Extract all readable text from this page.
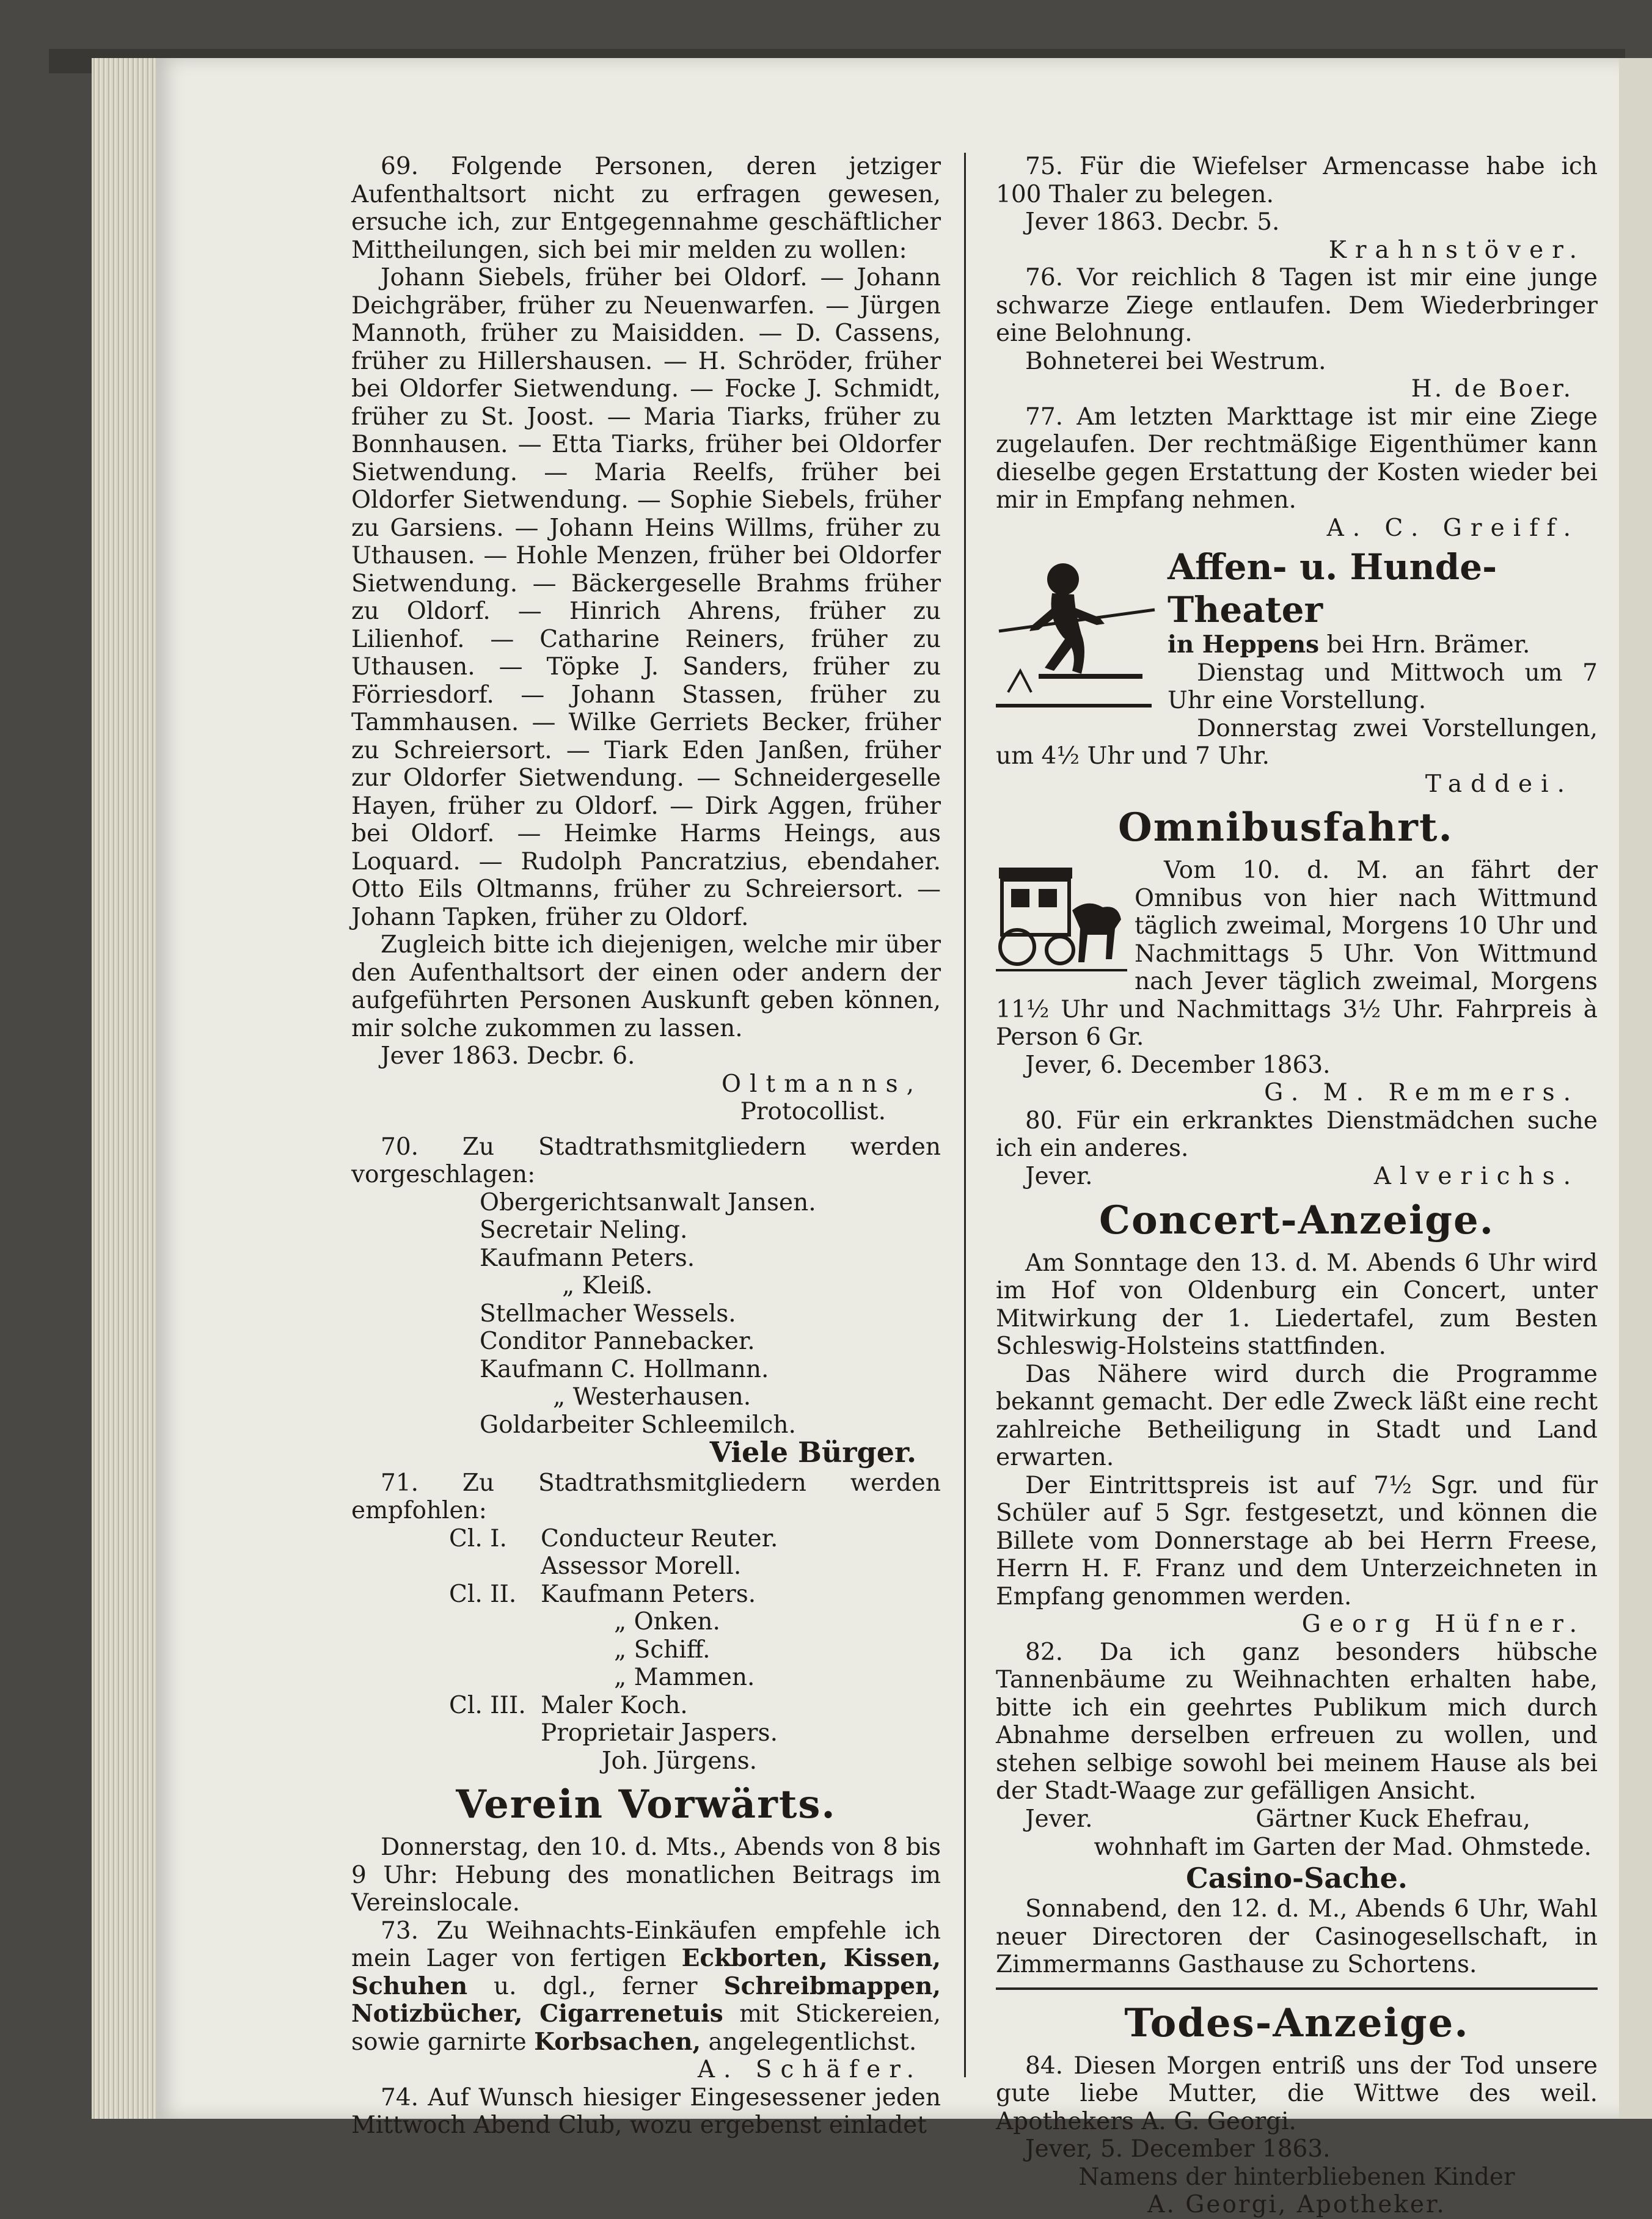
69. Folgende Personen, deren jetziger Aufenthaltsort nicht zu erfragen gewesen, ersuche ich, zur Entgegennahme geschäftlicher Mittheilungen, sich bei mir melden zu wollen:

Johann Siebels, früher bei Oldorf. — Johann Deichgräber, früher zu Neuenwarfen. — Jürgen Mannoth, früher zu Maisidden. — D. Cassens, früher zu Hillershausen. — H. Schröder, früher bei Oldorfer Sietwendung. — Focke J. Schmidt, früher zu St. Joost. — Maria Tiarks, früher zu Bonnhausen. — Etta Tiarks, früher bei Oldorfer Sietwendung. — Maria Reelfs, früher bei Oldorfer Sietwendung. — Sophie Siebels, früher zu Garsiens. — Johann Heins Willms, früher zu Uthausen. — Hohle Menzen, früher bei Oldorfer Sietwendung. — Bäckergeselle Brahms früher zu Oldorf. — Hinrich Ahrens, früher zu Lilienhof. — Catharine Reiners, früher zu Uthausen. — Töpke J. Sanders, früher zu Förriesdorf. — Johann Stassen, früher zu Tammhausen. — Wilke Gerriets Becker, früher zu Schreiersort. — Tiark Eden Janßen, früher zur Oldorfer Sietwendung. — Schneidergeselle Hayen, früher zu Oldorf. — Dirk Aggen, früher bei Oldorf. — Heimke Harms Heings, aus Loquard. — Rudolph Pancratzius, ebendaher. Otto Eils Oltmanns, früher zu Schreiersort. — Johann Tapken, früher zu Oldorf.

Zugleich bitte ich diejenigen, welche mir über den Aufenthaltsort der einen oder andern der aufgeführten Personen Auskunft geben können, mir solche zukommen zu lassen.

Jever 1863. Decbr. 6.

Oltmanns,

Protocollist.

70. Zu Stadtrathsmitgliedern werden vorgeschlagen:

Obergerichtsanwalt Jansen.

Secretair Neling.

Kaufmann Peters.

„ Kleiß.

Stellmacher Wessels.

Conditor Pannebacker.

Kaufmann C. Hollmann.

„ Westerhausen.

Goldarbeiter Schleemilch.

Viele Bürger.

71. Zu Stadtrathsmitgliedern werden empfohlen:

Cl. I. Conducteur Reuter.

Assessor Morell.

Cl. II. Kaufmann Peters.

„ Onken.

„ Schiff.

„ Mammen.

Cl. III. Maler Koch.

Proprietair Jaspers.

Joh. Jürgens.

Verein Vorwärts.

Donnerstag, den 10. d. Mts., Abends von 8 bis 9 Uhr: Hebung des monatlichen Beitrags im Vereinslocale.

73. Zu Weihnachts-Einkäufen empfehle ich mein Lager von fertigen Eckborten, Kissen, Schuhen u. dgl., ferner Schreibmappen, Notizbücher, Cigarrenetuis mit Stickereien, sowie garnirte Korbsachen, angelegentlichst.

A. Schäfer.

74. Auf Wunsch hiesiger Eingesessener jeden Mittwoch Abend Club, wozu ergebenst einladet

75. Für die Wiefelser Armencasse habe ich 100 Thaler zu belegen.

Jever 1863. Decbr. 5.

Krahnstöver.

76. Vor reichlich 8 Tagen ist mir eine junge schwarze Ziege entlaufen. Dem Wiederbringer eine Belohnung.

Bohneterei bei Westrum.

H. de Boer.

77. Am letzten Markttage ist mir eine Ziege zugelaufen. Der rechtmäßige Eigenthümer kann dieselbe gegen Erstattung der Kosten wieder bei mir in Empfang nehmen.

A. C. Greiff.

Affen- u. Hunde-Theater

in Heppens bei Hrn. Brämer.

Dienstag und Mittwoch um 7 Uhr eine Vorstellung.

Donnerstag zwei Vorstellungen, um 4½ Uhr und 7 Uhr.

Taddei.

Omnibusfahrt.

Vom 10. d. M. an fährt der Omnibus von hier nach Wittmund täglich zweimal, Morgens 10 Uhr und Nachmittags 5 Uhr. Von Wittmund nach Jever täglich zweimal, Morgens 11½ Uhr und Nachmittags 3½ Uhr. Fahrpreis à Person 6 Gr.

Jever, 6. December 1863.

G. M. Remmers.

80. Für ein erkranktes Dienstmädchen suche ich ein anderes.

Jever.	Alverichs.

Concert-Anzeige.

Am Sonntage den 13. d. M. Abends 6 Uhr wird im Hof von Oldenburg ein Concert, unter Mitwirkung der 1. Liedertafel, zum Besten Schleswig-Holsteins stattfinden.

Das Nähere wird durch die Programme bekannt gemacht. Der edle Zweck läßt eine recht zahlreiche Betheiligung in Stadt und Land erwarten.

Der Eintrittspreis ist auf 7½ Sgr. und für Schüler auf 5 Sgr. festgesetzt, und können die Billete vom Donnerstage ab bei Herrn Freese, Herrn H. F. Franz und dem Unterzeichneten in Empfang genommen werden.

Georg Hüfner.

82. Da ich ganz besonders hübsche Tannenbäume zu Weihnachten erhalten habe, bitte ich ein geehrtes Publikum mich durch Abnahme derselben erfreuen zu wollen, und stehen selbige sowohl bei meinem Hause als bei der Stadt-Waage zur gefälligen Ansicht.

Jever.	Gärtner Kuck Ehefrau,

wohnhaft im Garten der Mad. Ohmstede.

Casino-Sache.

Sonnabend, den 12. d. M., Abends 6 Uhr, Wahl neuer Directoren der Casinogesellschaft, in Zimmermanns Gasthause zu Schortens.

Todes-Anzeige.

84. Diesen Morgen entriß uns der Tod unsere gute liebe Mutter, die Wittwe des weil. Apothekers A. G. Georgi.

Jever, 5. December 1863.

Namens der hinterbliebenen Kinder

A. Georgi, Apotheker.
